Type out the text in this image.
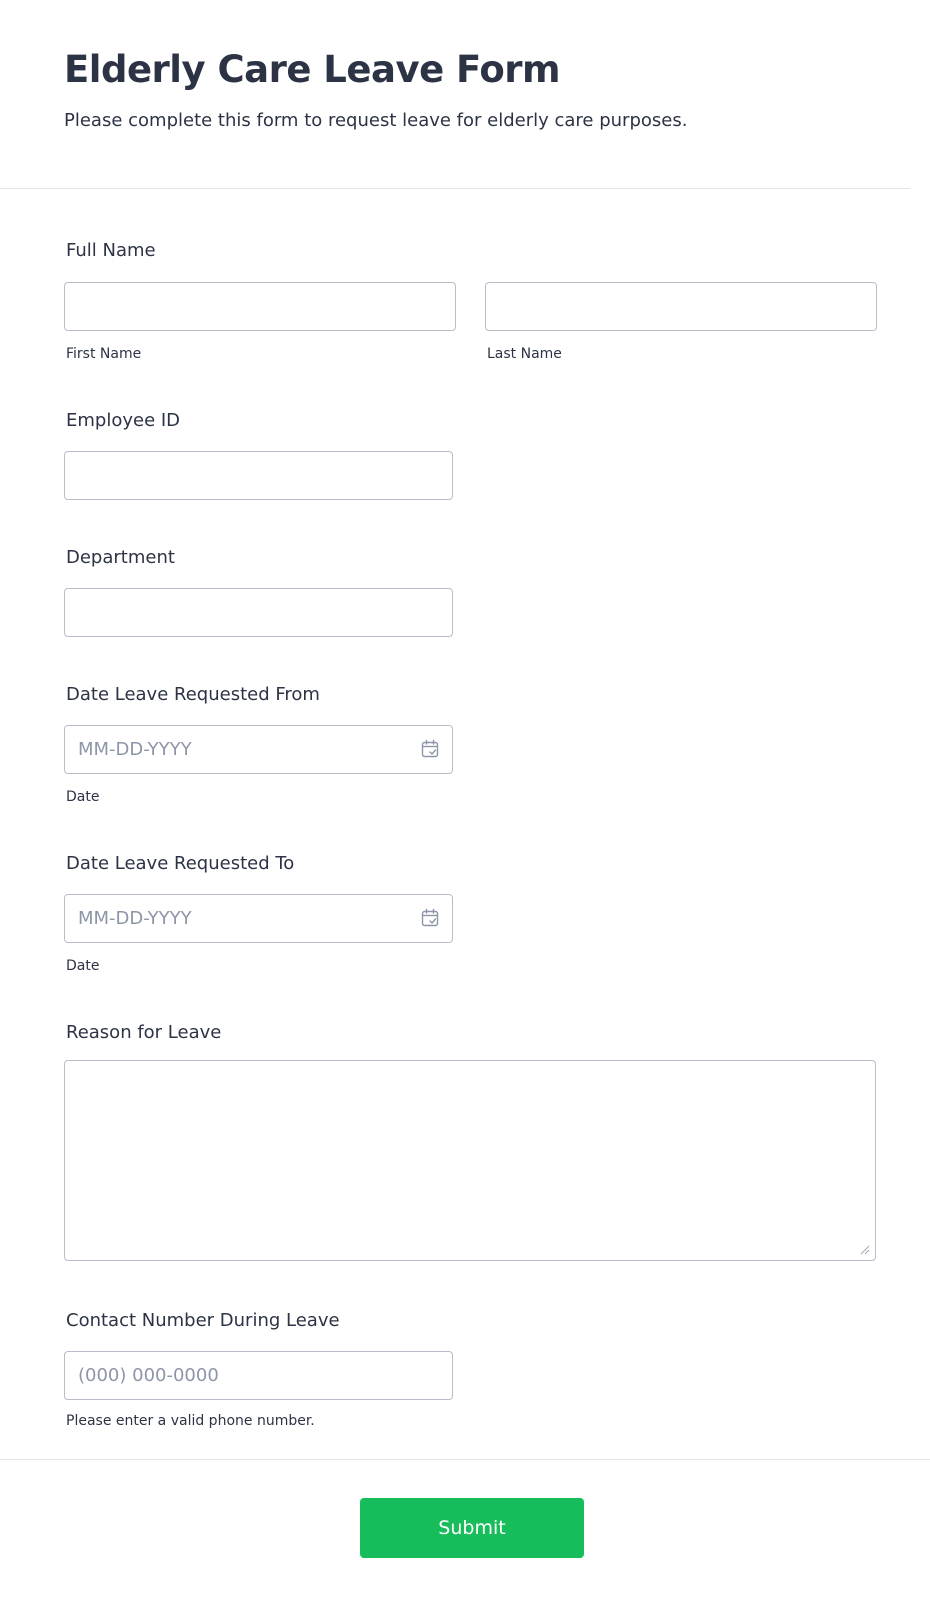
Elderly Care Leave Form

Please complete this form to request leave for elderly care purposes.

Full Name
First Name	Last Name
Employee ID
Department
Date Leave Requested From
MM-DD-YYYY
Date
Date Leave Requested To
MM-DD-YYYY
Date
Reason for Leave
Contact Number During Leave
(000) 000-0000
Please enter a valid phone number.
Submit
